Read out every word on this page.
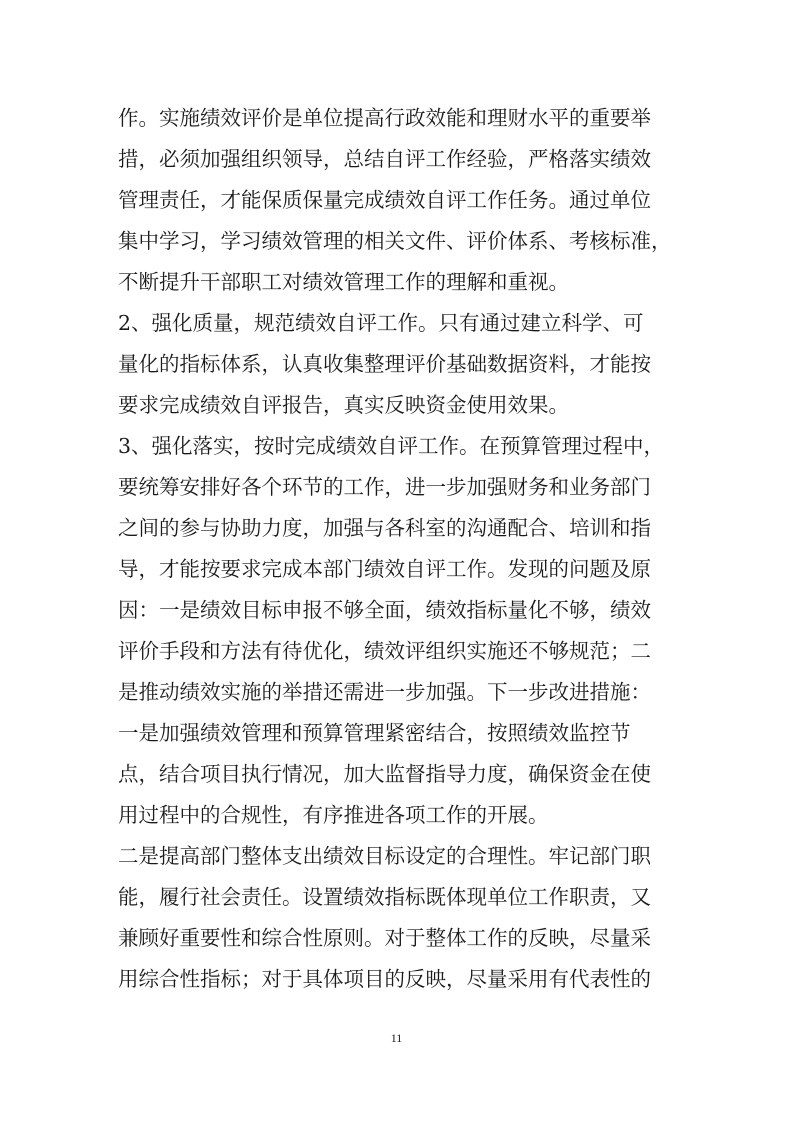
作。实施绩效评价是单位提高行政效能和理财水平的重要举
措，必须加强组织领导，总结自评工作经验，严格落实绩效
管理责任，才能保质保量完成绩效自评工作任务。通过单位
集中学习，学习绩效管理的相关文件、评价体系、考核标准，
不断提升干部职工对绩效管理工作的理解和重视。
2、强化质量，规范绩效自评工作。只有通过建立科学、可
量化的指标体系，认真收集整理评价基础数据资料，才能按
要求完成绩效自评报告，真实反映资金使用效果。
3、强化落实，按时完成绩效自评工作。在预算管理过程中，
要统筹安排好各个环节的工作，进一步加强财务和业务部门
之间的参与协助力度，加强与各科室的沟通配合、培训和指
导，才能按要求完成本部门绩效自评工作。发现的问题及原
因：一是绩效目标申报不够全面，绩效指标量化不够，绩效
评价手段和方法有待优化，绩效评组织实施还不够规范；二
是推动绩效实施的举措还需进一步加强。下一步改进措施：
一是加强绩效管理和预算管理紧密结合，按照绩效监控节
点，结合项目执行情况，加大监督指导力度，确保资金在使
用过程中的合规性，有序推进各项工作的开展。
二是提高部门整体支出绩效目标设定的合理性。牢记部门职
能，履行社会责任。设置绩效指标既体现单位工作职责，又
兼顾好重要性和综合性原则。对于整体工作的反映，尽量采
用综合性指标；对于具体项目的反映，尽量采用有代表性的
11
